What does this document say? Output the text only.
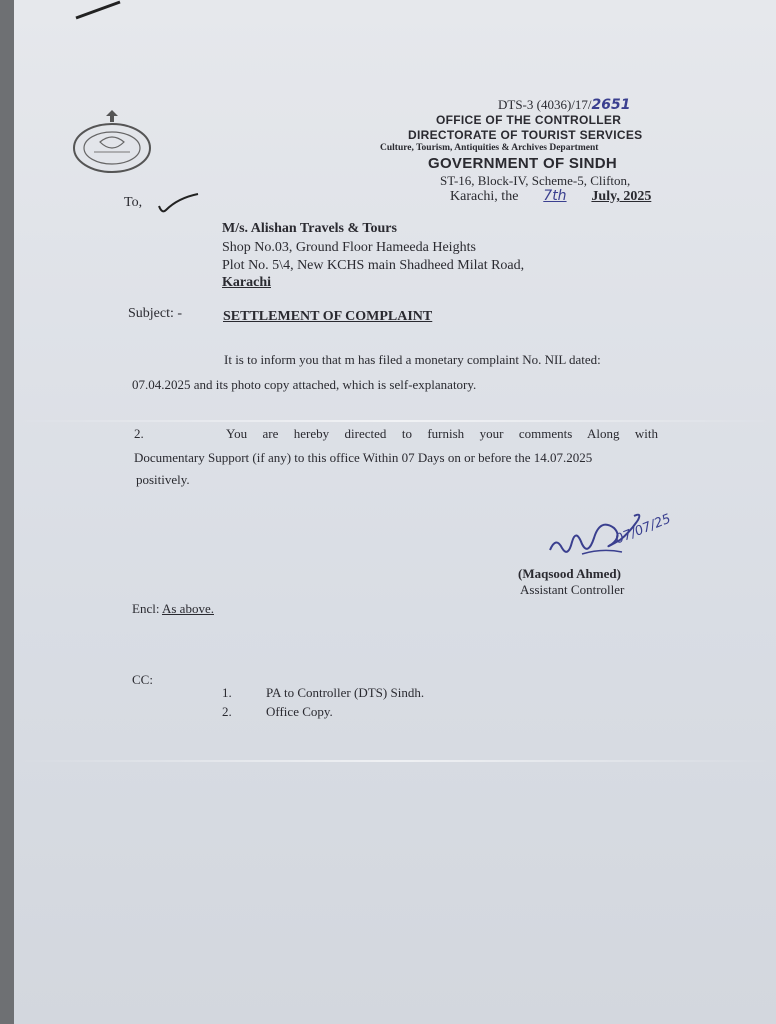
DTS-3 (4036)/17/2651
OFFICE OF THE CONTROLLER
DIRECTORATE OF TOURIST SERVICES
Culture, Tourism, Antiquities & Archives Department
GOVERNMENT OF SINDH
ST-16, Block-IV, Scheme-5, Clifton,
Karachi, the 7th July, 2025
To,
M/s. Alishan Travels & Tours
Shop No.03, Ground Floor Hameeda Heights
Plot No. 5\4, New KCHS main Shadheed Milat Road,
Karachi
Subject: -	SETTLEMENT OF COMPLAINT
It is to inform you that m has filed a monetary complaint No. NIL dated:
07.04.2025 and its photo copy attached, which is self-explanatory.
2.	You are hereby directed to furnish your comments Along with
Documentary Support (if any) to this office Within 07 Days on or before the 14.07.2025
positively.
07/07/25
(Maqsood Ahmed)
Assistant Controller
Encl: As above.
CC:
1.	PA to Controller (DTS) Sindh.
2.	Office Copy.
